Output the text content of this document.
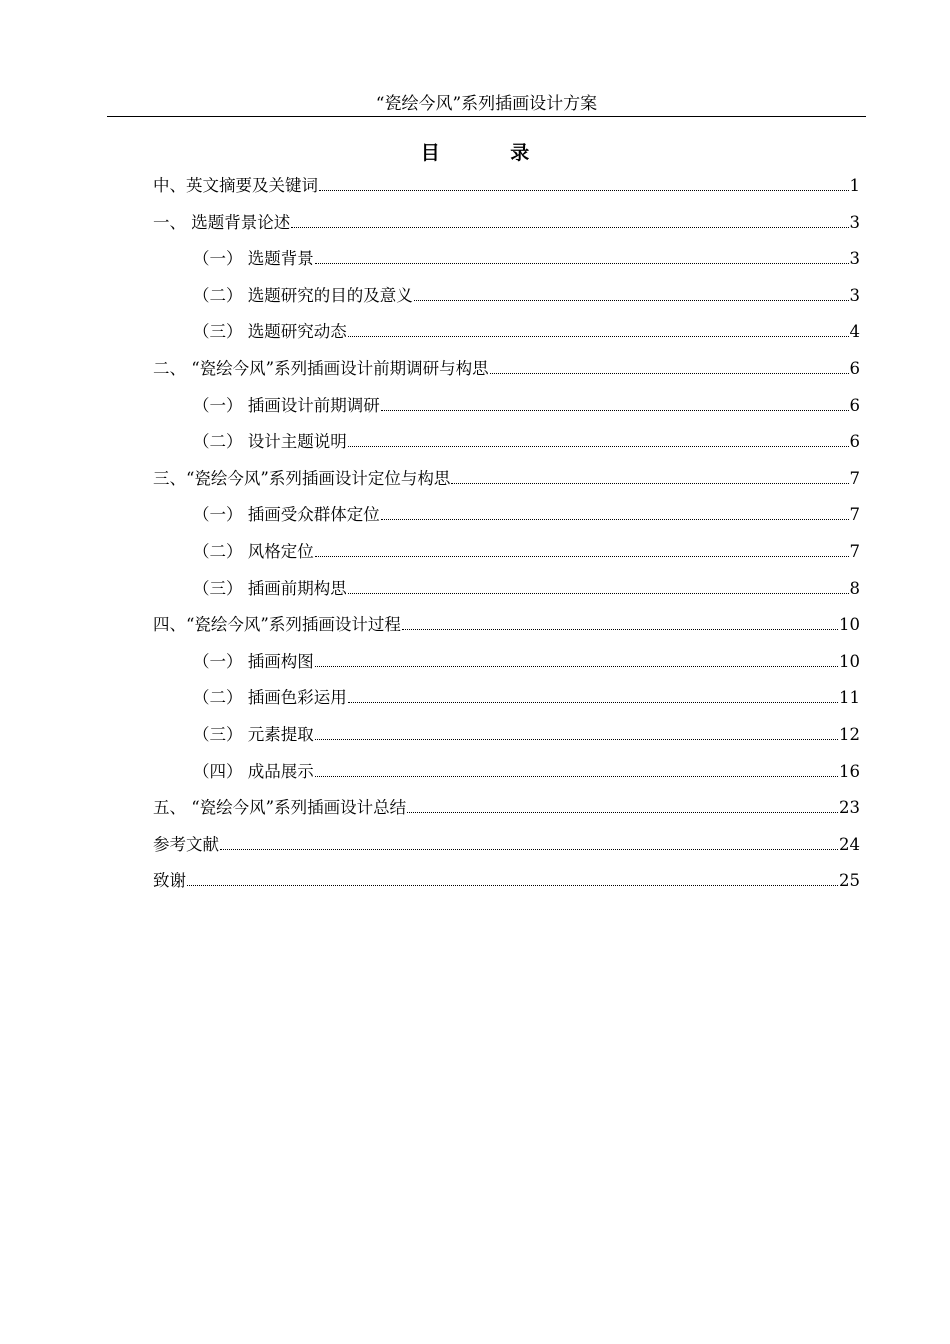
“瓷绘今风”系列插画设计方案
目 录
中、英文摘要及关键词	1
一、 选题背景论述	3
（一） 选题背景	3
（二） 选题研究的目的及意义	3
（三） 选题研究动态	4
二、 “瓷绘今风”系列插画设计前期调研与构思	6
（一） 插画设计前期调研	6
（二） 设计主题说明	6
三、“瓷绘今风”系列插画设计定位与构思	7
（一） 插画受众群体定位	7
（二） 风格定位	7
（三） 插画前期构思	8
四、“瓷绘今风”系列插画设计过程	10
（一） 插画构图	10
（二） 插画色彩运用	11
（三） 元素提取	12
（四） 成品展示	16
五、 “瓷绘今风”系列插画设计总结	23
参考文献	24
致谢	25
